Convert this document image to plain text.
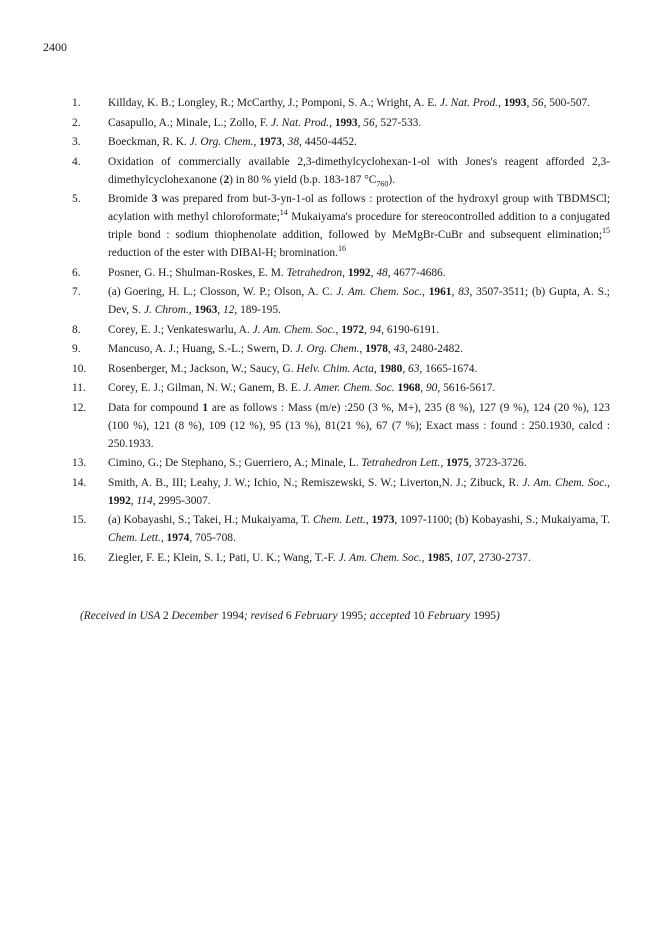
2400
1.	Killday, K. B.; Longley, R.; McCarthy, J.; Pomponi, S. A.; Wright, A. E. J. Nat. Prod., 1993, 56, 500-507.
2.	Casapullo, A.; Minale, L.; Zollo, F. J. Nat. Prod., 1993, 56, 527-533.
3.	Boeckman, R. K. J. Org. Chem., 1973, 38, 4450-4452.
4.	Oxidation of commercially available 2,3-dimethylcyclohexan-1-ol with Jones's reagent afforded 2,3-dimethylcyclohexanone (2) in 80 % yield (b.p. 183-187 $^\circ C_{760}$).
5.	Bromide 3 was prepared from but-3-yn-1-ol as follows : protection of the hydroxyl group with TBDMSCl; acylation with methyl chloroformate;$^{14}$ Mukaiyama's procedure for stereocontrolled addition to a conjugated triple bond : sodium thiophenolate addition, followed by MeMgBr-CuBr and subsequent elimination;$^{15}$ reduction of the ester with DIBAl-H; bromination.$^{16}$
6.	Posner, G. H.; Shulman-Roskes, E. M. Tetrahedron, 1992, 48, 4677-4686.
7.	(a) Goering, H. L.; Closson, W. P.; Olson, A. C. J. Am. Chem. Soc., 1961, 83, 3507-3511; (b) Gupta, A. S.; Dev, S. J. Chrom., 1963, 12, 189-195.
8.	Corey, E. J.; Venkateswarlu, A. J. Am. Chem. Soc., 1972, 94, 6190-6191.
9.	Mancuso, A. J.; Huang, S.-L.; Swern, D. J. Org. Chem., 1978, 43, 2480-2482.
10.	Rosenberger, M.; Jackson, W.; Saucy, G. Helv. Chim. Acta, 1980, 63, 1665-1674.
11.	Corey, E. J.; Gilman, N. W.; Ganem, B. E. J. Amer. Chem. Soc. 1968, 90, 5616-5617.
12.	Data for compound 1 are as follows : Mass (m/e) :250 (3 %, M+), 235 (8 %), 127 (9 %), 124 (20 %), 123 (100 %), 121 (8 %), 109 (12 %), 95 (13 %), 81(21 %), 67 (7 %); Exact mass : found : 250.1930, calcd : 250.1933.
13.	Cimino, G.; De Stephano, S.; Guerriero, A.; Minale, L. Tetrahedron Lett., 1975, 3723-3726.
14.	Smith, A. B., III; Leahy, J. W.; Ichio, N.; Remiszewski, S. W.; Liverton,N. J.; Zibuck, R. J. Am. Chem. Soc., 1992, 114, 2995-3007.
15.	(a) Kobayashi, S.; Takei, H.; Mukaiyama, T. Chem. Lett., 1973, 1097-1100; (b) Kobayashi, S.; Mukaiyama, T. Chem. Lett., 1974, 705-708.
16.	Ziegler, F. E.; Klein, S. I.; Pati, U. K.; Wang, T.-F. J. Am. Chem. Soc., 1985, 107, 2730-2737.
(Received in USA 2 December 1994; revised 6 February 1995; accepted 10 February 1995)
